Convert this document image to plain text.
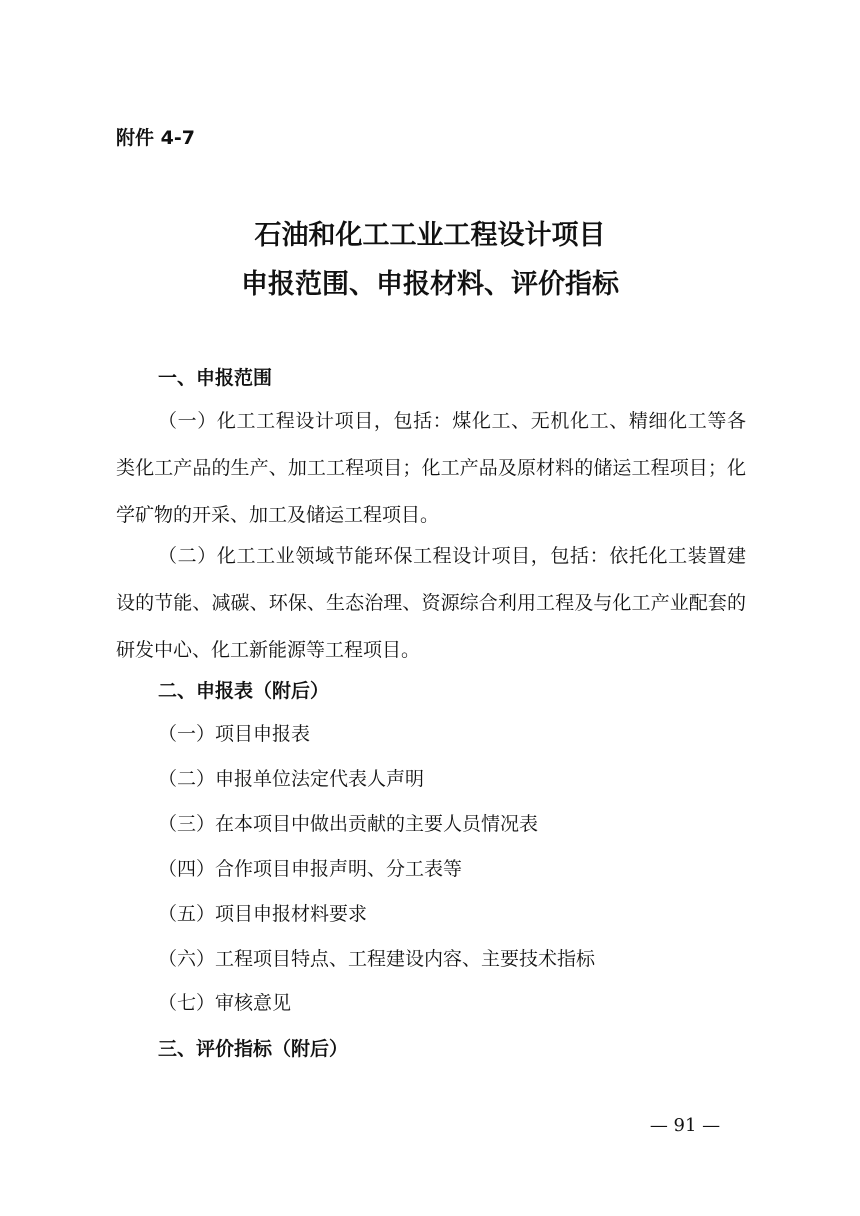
附件 4-7
石油和化工工业工程设计项目
申报范围、申报材料、评价指标
一、申报范围
（一）化工工程设计项目，包括：煤化工、无机化工、精细化工等各类化工产品的生产、加工工程项目；化工产品及原材料的储运工程项目；化学矿物的开采、加工及储运工程项目。
（二）化工工业领域节能环保工程设计项目，包括：依托化工装置建设的节能、减碳、环保、生态治理、资源综合利用工程及与化工产业配套的研发中心、化工新能源等工程项目。
二、申报表（附后）
（一）项目申报表
（二）申报单位法定代表人声明
（三）在本项目中做出贡献的主要人员情况表
（四）合作项目申报声明、分工表等
（五）项目申报材料要求
（六）工程项目特点、工程建设内容、主要技术指标
（七）审核意见
三、评价指标（附后）
— 91 —
